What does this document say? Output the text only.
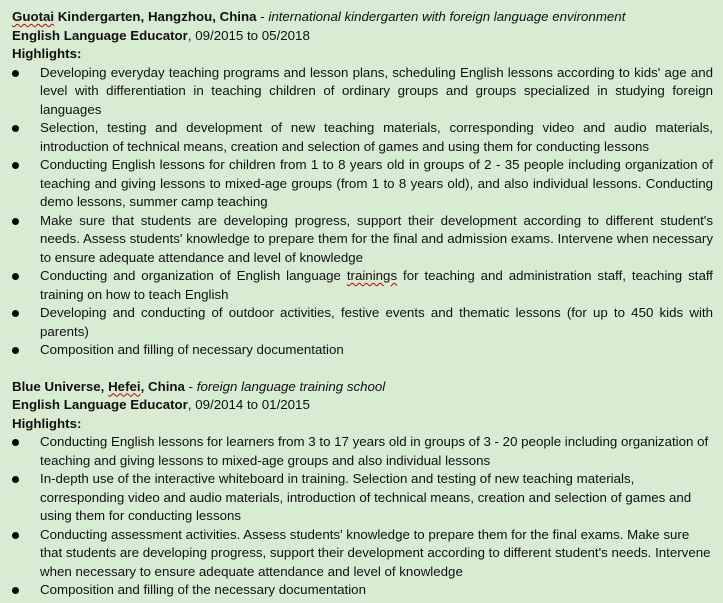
Guotai Kindergarten, Hangzhou, China - international kindergarten with foreign language environment
English Language Educator, 09/2015 to 05/2018
Highlights:
Developing everyday teaching programs and lesson plans, scheduling English lessons according to kids' age and level with differentiation in teaching children of ordinary groups and groups specialized in studying foreign languages
Selection, testing and development of new teaching materials, corresponding video and audio materials, introduction of technical means, creation and selection of games and using them for conducting lessons
Conducting English lessons for children from 1 to 8 years old in groups of 2 - 35 people including organization of teaching and giving lessons to mixed-age groups (from 1 to 8 years old), and also individual lessons. Conducting demo lessons, summer camp teaching
Make sure that students are developing progress, support their development according to different student's needs. Assess students' knowledge to prepare them for the final and admission exams. Intervene when necessary to ensure adequate attendance and level of knowledge
Conducting and organization of English language trainings for teaching and administration staff, teaching staff training on how to teach English
Developing and conducting of outdoor activities, festive events and thematic lessons (for up to 450 kids with parents)
Composition and filling of necessary documentation
Blue Universe, Hefei, China - foreign language training school
English Language Educator, 09/2014 to 01/2015
Highlights:
Conducting English lessons for learners from 3 to 17 years old in groups of 3 - 20 people including organization of teaching and giving lessons to mixed-age groups and also individual lessons
In-depth use of the interactive whiteboard in training. Selection and testing of new teaching materials, corresponding video and audio materials, introduction of technical means, creation and selection of games and using them for conducting lessons
Conducting assessment activities. Assess students' knowledge to prepare them for the final exams. Make sure that students are developing progress, support their development according to different student's needs. Intervene when necessary to ensure adequate attendance and level of knowledge
Composition and filling of the necessary documentation
